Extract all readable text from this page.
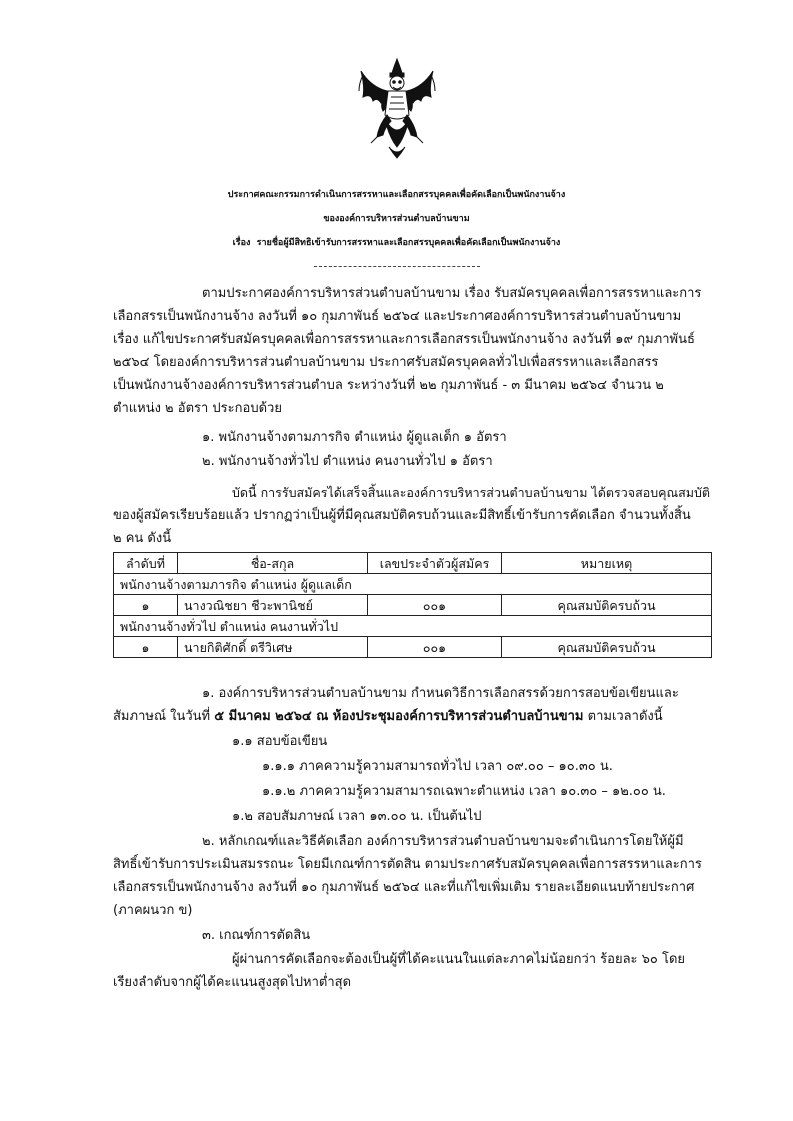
ประกาศคณะกรรมการดำเนินการสรรหาและเลือกสรรบุคคลเพื่อคัดเลือกเป็นพนักงานจ้าง
ขององค์การบริหารส่วนตำบลบ้านขาม
เรื่อง รายชื่อผู้มีสิทธิเข้ารับการสรรหาและเลือกสรรบุคคลเพื่อคัดเลือกเป็นพนักงานจ้าง
ตามประกาศองค์การบริหารส่วนตำบลบ้านขาม เรื่อง รับสมัครบุคคลเพื่อการสรรหาและการ
เลือกสรรเป็นพนักงานจ้าง ลงวันที่ ๑๐ กุมภาพันธ์ ๒๕๖๔ และประกาศองค์การบริหารส่วนตำบลบ้านขาม
เรื่อง แก้ไขประกาศรับสมัครบุคคลเพื่อการสรรหาและการเลือกสรรเป็นพนักงานจ้าง ลงวันที่ ๑๙ กุมภาพันธ์
๒๕๖๔ โดยองค์การบริหารส่วนตำบลบ้านขาม ประกาศรับสมัครบุคคลทั่วไปเพื่อสรรหาและเลือกสรร
เป็นพนักงานจ้างองค์การบริหารส่วนตำบล ระหว่างวันที่ ๒๒ กุมภาพันธ์ - ๓ มีนาคม ๒๕๖๔ จำนวน ๒
ตำแหน่ง ๒ อัตรา ประกอบด้วย
๑. พนักงานจ้างตามภารกิจ ตำแหน่ง ผู้ดูแลเด็ก ๑ อัตรา
๒. พนักงานจ้างทั่วไป ตำแหน่ง คนงานทั่วไป ๑ อัตรา
บัดนี้ การรับสมัครได้เสร็จสิ้นและองค์การบริหารส่วนตำบลบ้านขาม ได้ตรวจสอบคุณสมบัติ
ของผู้สมัครเรียบร้อยแล้ว ปรากฏว่าเป็นผู้ที่มีคุณสมบัติครบถ้วนและมีสิทธิ์เข้ารับการคัดเลือก จำนวนทั้งสิ้น
๒ คน ดังนี้
ลำดับที่	ชื่อ-สกุล	เลขประจำตัวผู้สมัคร	หมายเหตุ
พนักงานจ้างตามภารกิจ ตำแหน่ง ผู้ดูแลเด็ก			
๑	นางวณิชยา ชีวะพานิชย์	๐๐๑	คุณสมบัติครบถ้วน
พนักงานจ้างทั่วไป ตำแหน่ง คนงานทั่วไป			
๑	นายกิติศักดิ์ ตรีวิเศษ	๐๐๑	คุณสมบัติครบถ้วน
๑. องค์การบริหารส่วนตำบลบ้านขาม กำหนดวิธีการเลือกสรรด้วยการสอบข้อเขียนและ
สัมภาษณ์ ในวันที่ ๕ มีนาคม ๒๕๖๔ ณ ห้องประชุมองค์การบริหารส่วนตำบลบ้านขาม ตามเวลาดังนี้
๑.๑ สอบข้อเขียน
๑.๑.๑ ภาคความรู้ความสามารถทั่วไป เวลา ๐๙.๐๐ – ๑๐.๓๐ น.
๑.๑.๒ ภาคความรู้ความสามารถเฉพาะตำแหน่ง เวลา ๑๐.๓๐ – ๑๒.๐๐ น.
๑.๒ สอบสัมภาษณ์ เวลา ๑๓.๐๐ น. เป็นต้นไป
๒. หลักเกณฑ์และวิธีคัดเลือก องค์การบริหารส่วนตำบลบ้านขามจะดำเนินการโดยให้ผู้มี
สิทธิ์เข้ารับการประเมินสมรรถนะ โดยมีเกณฑ์การตัดสิน ตามประกาศรับสมัครบุคคลเพื่อการสรรหาและการ
เลือกสรรเป็นพนักงานจ้าง ลงวันที่ ๑๐ กุมภาพันธ์ ๒๕๖๔ และที่แก้ไขเพิ่มเติม รายละเอียดแนบท้ายประกาศ
(ภาคผนวก ข)
๓. เกณฑ์การตัดสิน
ผู้ผ่านการคัดเลือกจะต้องเป็นผู้ที่ได้คะแนนในแต่ละภาคไม่น้อยกว่า ร้อยละ ๖๐ โดย
เรียงลำดับจากผู้ได้คะแนนสูงสุดไปหาต่ำสุด
